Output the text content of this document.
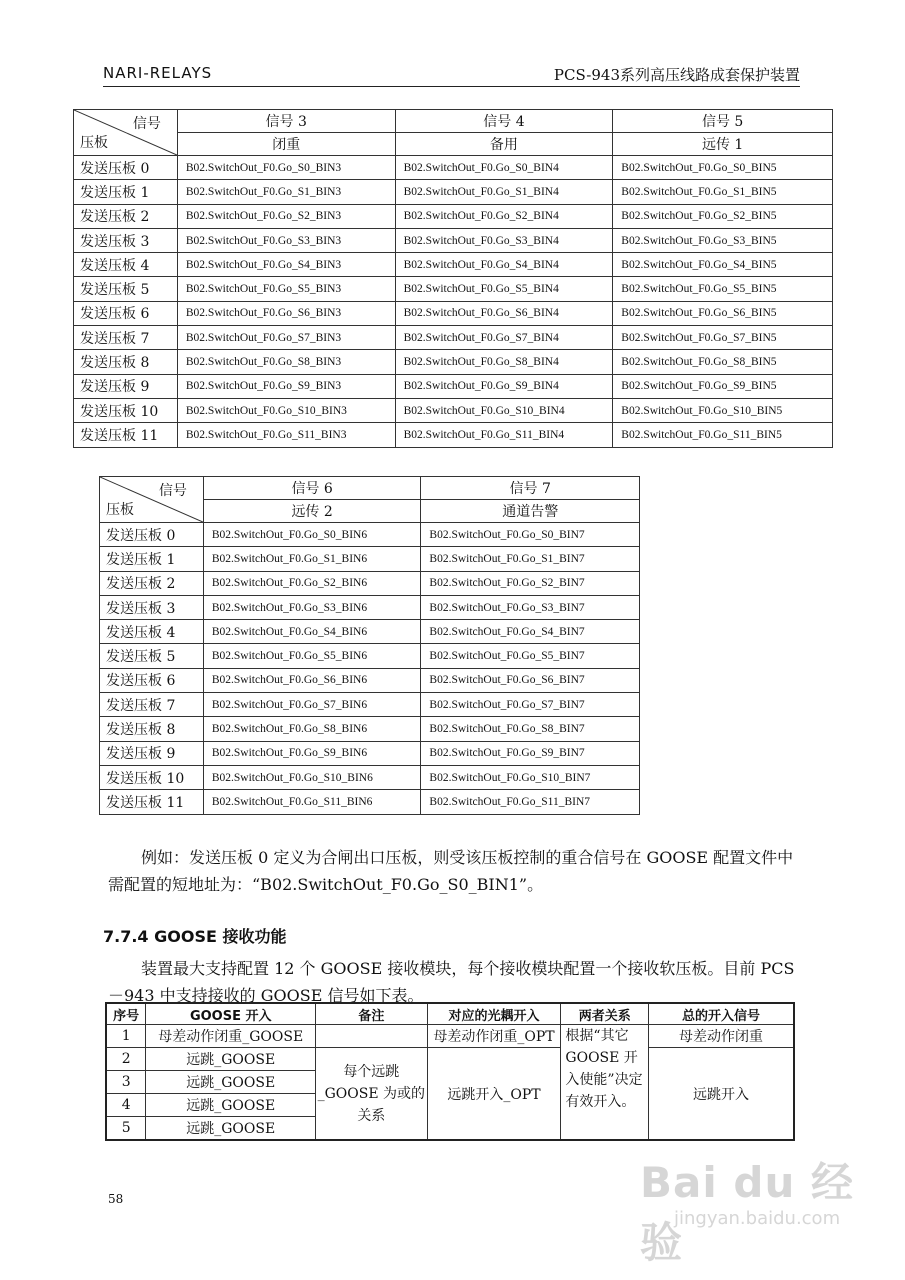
NARI-RELAYS	PCS-943系列高压线路成套保护装置
信号
压板	信号 3	信号 4	信号 5
	闭重	备用	远传 1
发送压板 0	B02.SwitchOut_F0.Go_S0_BIN3	B02.SwitchOut_F0.Go_S0_BIN4	B02.SwitchOut_F0.Go_S0_BIN5
发送压板 1	B02.SwitchOut_F0.Go_S1_BIN3	B02.SwitchOut_F0.Go_S1_BIN4	B02.SwitchOut_F0.Go_S1_BIN5
发送压板 2	B02.SwitchOut_F0.Go_S2_BIN3	B02.SwitchOut_F0.Go_S2_BIN4	B02.SwitchOut_F0.Go_S2_BIN5
发送压板 3	B02.SwitchOut_F0.Go_S3_BIN3	B02.SwitchOut_F0.Go_S3_BIN4	B02.SwitchOut_F0.Go_S3_BIN5
发送压板 4	B02.SwitchOut_F0.Go_S4_BIN3	B02.SwitchOut_F0.Go_S4_BIN4	B02.SwitchOut_F0.Go_S4_BIN5
发送压板 5	B02.SwitchOut_F0.Go_S5_BIN3	B02.SwitchOut_F0.Go_S5_BIN4	B02.SwitchOut_F0.Go_S5_BIN5
发送压板 6	B02.SwitchOut_F0.Go_S6_BIN3	B02.SwitchOut_F0.Go_S6_BIN4	B02.SwitchOut_F0.Go_S6_BIN5
发送压板 7	B02.SwitchOut_F0.Go_S7_BIN3	B02.SwitchOut_F0.Go_S7_BIN4	B02.SwitchOut_F0.Go_S7_BIN5
发送压板 8	B02.SwitchOut_F0.Go_S8_BIN3	B02.SwitchOut_F0.Go_S8_BIN4	B02.SwitchOut_F0.Go_S8_BIN5
发送压板 9	B02.SwitchOut_F0.Go_S9_BIN3	B02.SwitchOut_F0.Go_S9_BIN4	B02.SwitchOut_F0.Go_S9_BIN5
发送压板 10	B02.SwitchOut_F0.Go_S10_BIN3	B02.SwitchOut_F0.Go_S10_BIN4	B02.SwitchOut_F0.Go_S10_BIN5
发送压板 11	B02.SwitchOut_F0.Go_S11_BIN3	B02.SwitchOut_F0.Go_S11_BIN4	B02.SwitchOut_F0.Go_S11_BIN5
信号
压板	信号 6	信号 7
	远传 2	通道告警
发送压板 0	B02.SwitchOut_F0.Go_S0_BIN6	B02.SwitchOut_F0.Go_S0_BIN7
发送压板 1	B02.SwitchOut_F0.Go_S1_BIN6	B02.SwitchOut_F0.Go_S1_BIN7
发送压板 2	B02.SwitchOut_F0.Go_S2_BIN6	B02.SwitchOut_F0.Go_S2_BIN7
发送压板 3	B02.SwitchOut_F0.Go_S3_BIN6	B02.SwitchOut_F0.Go_S3_BIN7
发送压板 4	B02.SwitchOut_F0.Go_S4_BIN6	B02.SwitchOut_F0.Go_S4_BIN7
发送压板 5	B02.SwitchOut_F0.Go_S5_BIN6	B02.SwitchOut_F0.Go_S5_BIN7
发送压板 6	B02.SwitchOut_F0.Go_S6_BIN6	B02.SwitchOut_F0.Go_S6_BIN7
发送压板 7	B02.SwitchOut_F0.Go_S7_BIN6	B02.SwitchOut_F0.Go_S7_BIN7
发送压板 8	B02.SwitchOut_F0.Go_S8_BIN6	B02.SwitchOut_F0.Go_S8_BIN7
发送压板 9	B02.SwitchOut_F0.Go_S9_BIN6	B02.SwitchOut_F0.Go_S9_BIN7
发送压板 10	B02.SwitchOut_F0.Go_S10_BIN6	B02.SwitchOut_F0.Go_S10_BIN7
发送压板 11	B02.SwitchOut_F0.Go_S11_BIN6	B02.SwitchOut_F0.Go_S11_BIN7

例如：发送压板 0 定义为合闸出口压板，则受该压板控制的重合信号在 GOOSE 配置文件中需配置的短地址为：“B02.SwitchOut_F0.Go_S0_BIN1”。

7.7.4 GOOSE 接收功能

装置最大支持配置 12 个 GOOSE 接收模块，每个接收模块配置一个接收软压板。目前 PCS－943 中支持接收的 GOOSE 信号如下表。

序号	GOOSE 开入	备注	对应的光耦开入	两者关系	总的开入信号
1	母差动作闭重_GOOSE		母差动作闭重_OPT	根据“其它 GOOSE 开入使能”决定有效开入。	母差动作闭重
2	远跳_GOOSE	每个远跳_GOOSE 为或的关系	远跳开入_OPT		远跳开入
3	远跳_GOOSE				
4	远跳_GOOSE				
5	远跳_GOOSE				
58	Bai du 经验
jingyan.baidu.com
